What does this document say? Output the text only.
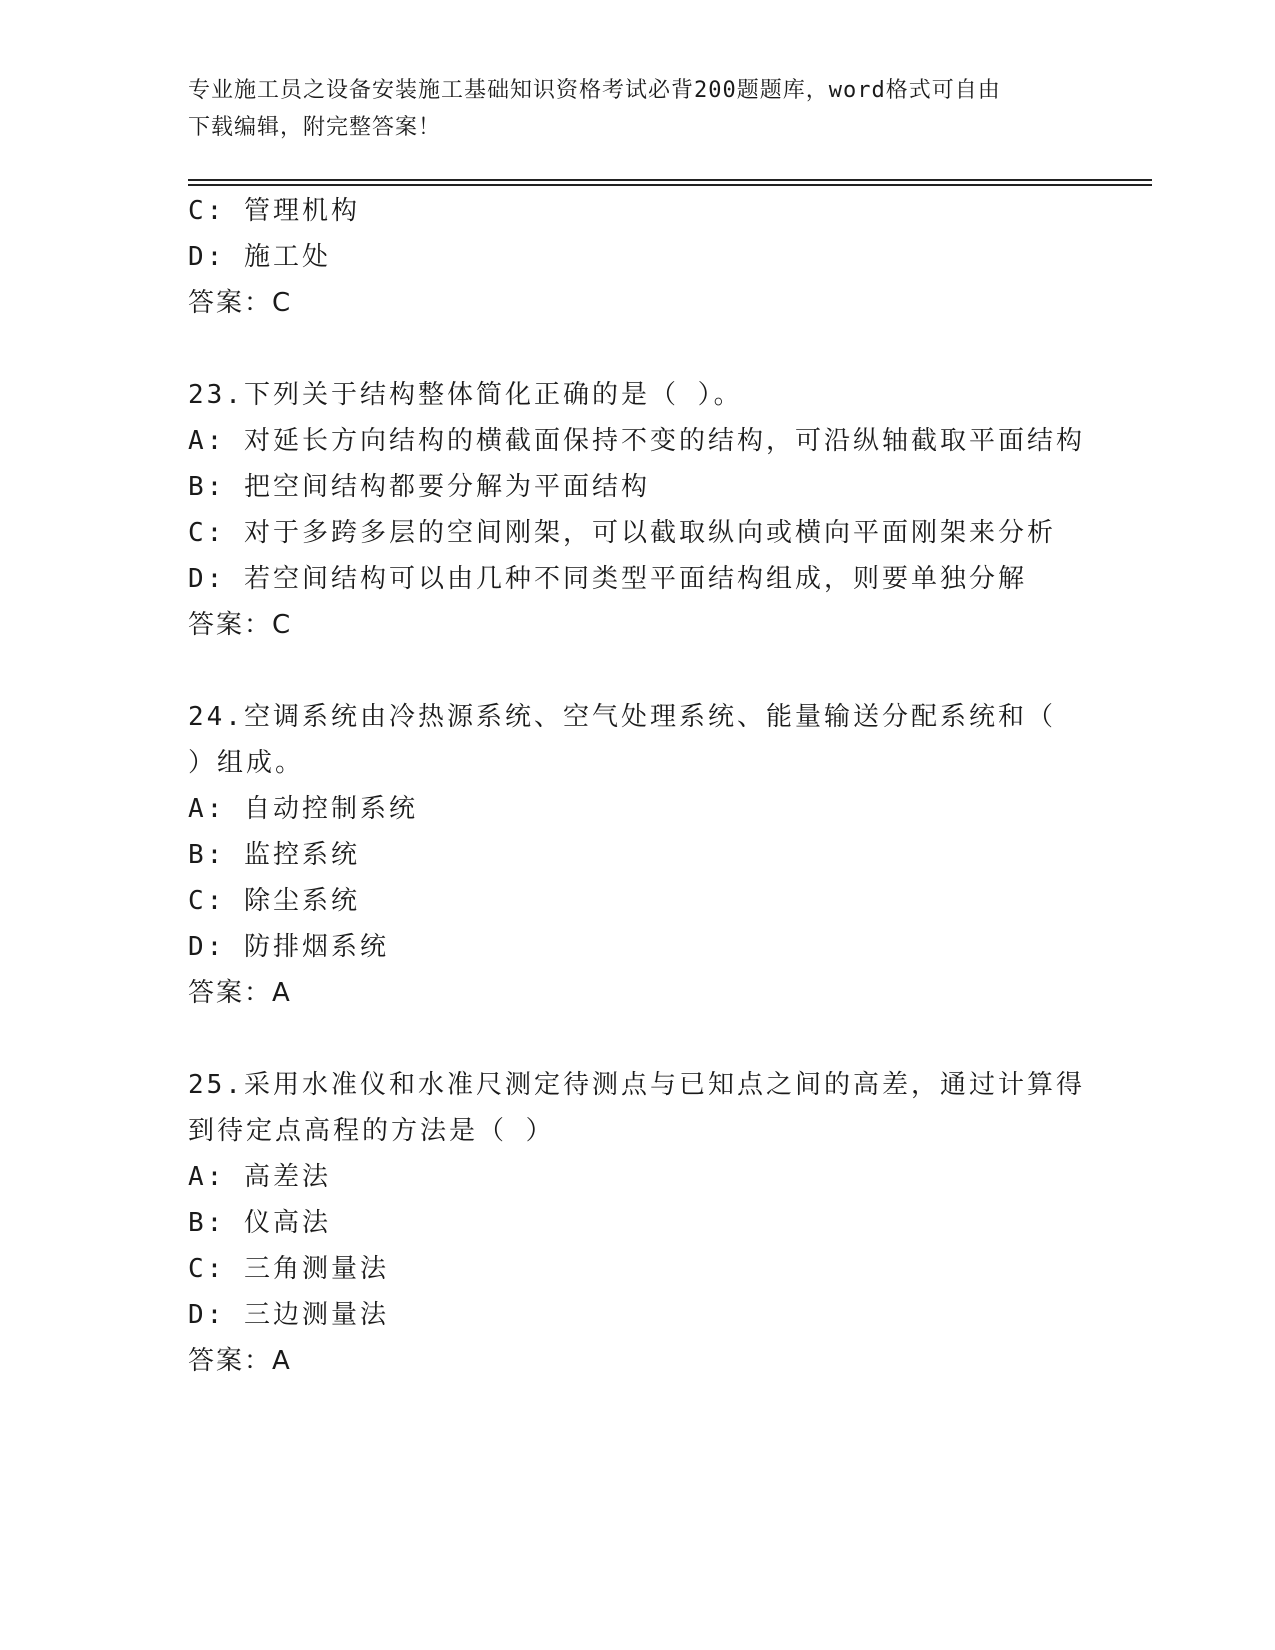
专业施工员之设备安装施工基础知识资格考试必背200题题库，word格式可自由
下载编辑，附完整答案！
C: 管理机构
D: 施工处
答案：C
23.下列关于结构整体简化正确的是（ ）。
A: 对延长方向结构的横截面保持不变的结构，可沿纵轴截取平面结构
B: 把空间结构都要分解为平面结构
C: 对于多跨多层的空间刚架，可以截取纵向或横向平面刚架来分析
D: 若空间结构可以由几种不同类型平面结构组成，则要单独分解
答案：C
24.空调系统由冷热源系统、空气处理系统、能量输送分配系统和（
）组成。
A: 自动控制系统
B: 监控系统
C: 除尘系统
D: 防排烟系统
答案：A
25.采用水准仪和水准尺测定待测点与已知点之间的高差，通过计算得
到待定点高程的方法是（ ）
A: 高差法
B: 仪高法
C: 三角测量法
D: 三边测量法
答案：A
